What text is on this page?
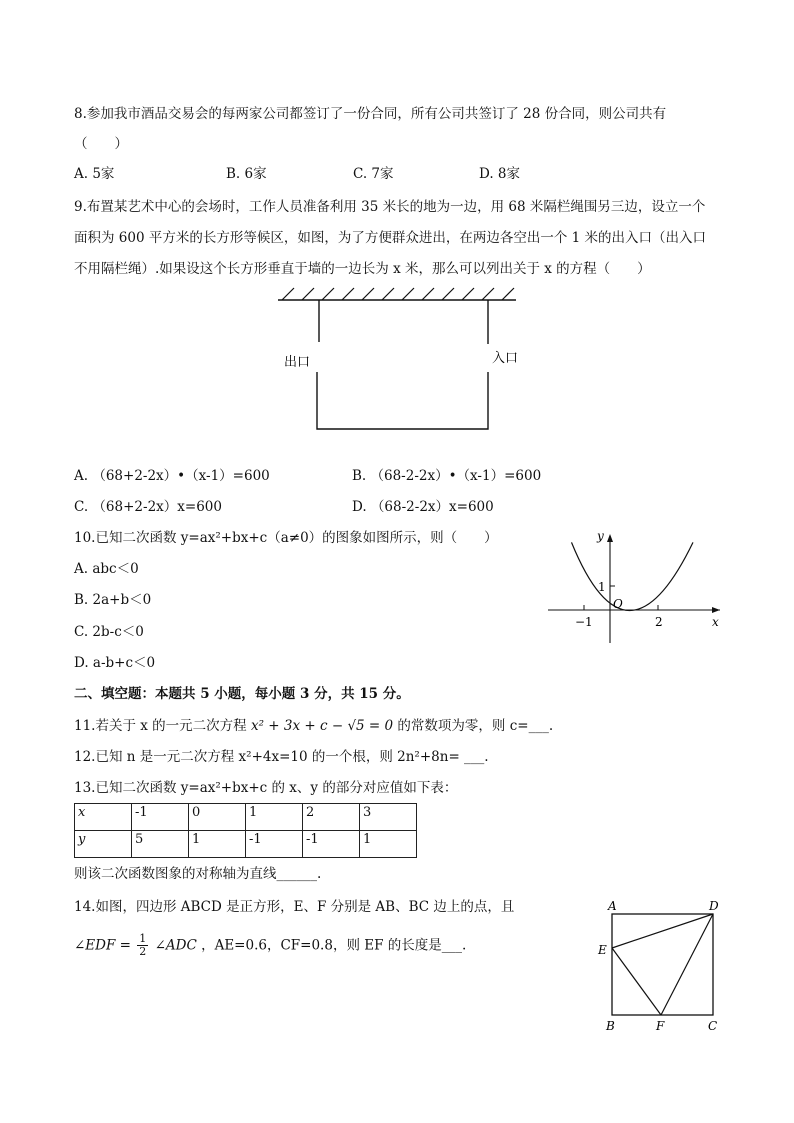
8.参加我市酒品交易会的每两家公司都签订了一份合同，所有公司共签订了 28 份合同，则公司共有
（　　）
A. 5家	B. 6家	C. 7家	D. 8家
9.布置某艺术中心的会场时，工作人员准备利用 35 米长的地为一边，用 68 米隔栏绳围另三边，设立一个
面积为 600 平方米的长方形等候区，如图，为了方便群众进出，在两边各空出一个 1 米的出入口（出入口
不用隔栏绳）.如果设这个长方形垂直于墙的一边长为 x 米，那么可以列出关于 x 的方程（　　）
出口	入口
A. （68+2-2x）•（x-1）=600	B. （68-2-2x）•（x-1）=600
C. （68+2-2x）x=600	D. （68-2-2x）x=600
10.已知二次函数 y=ax²+bx+c（a≠0）的图象如图所示，则（　　）
A. abc＜0
B. 2a+b＜0
C. 2b-c＜0
D. a-b+c＜0
y
x
O
1
−1	2
二、填空题：本题共 5 小题，每小题 3 分，共 15 分。
11.若关于 x 的一元二次方程 x² + 3x + c − √5 = 0 的常数项为零，则 c=___.
12.已知 n 是一元二次方程 x²+4x=10 的一个根，则 2n²+8n= ___.
13.已知二次函数 y=ax²+bx+c 的 x、y 的部分对应值如下表：
x	-1	0	1	2	3
y	5	1	-1	-1	1
则该二次函数图象的对称轴为直线______.
14.如图，四边形 ABCD 是正方形，E、F 分别是 AB、BC 边上的点，且
∠EDF = $\frac{1}{2}$ ∠ADC ，AE=0.6，CF=0.8，则 EF 的长度是___.
A	D
E
B	F	C
